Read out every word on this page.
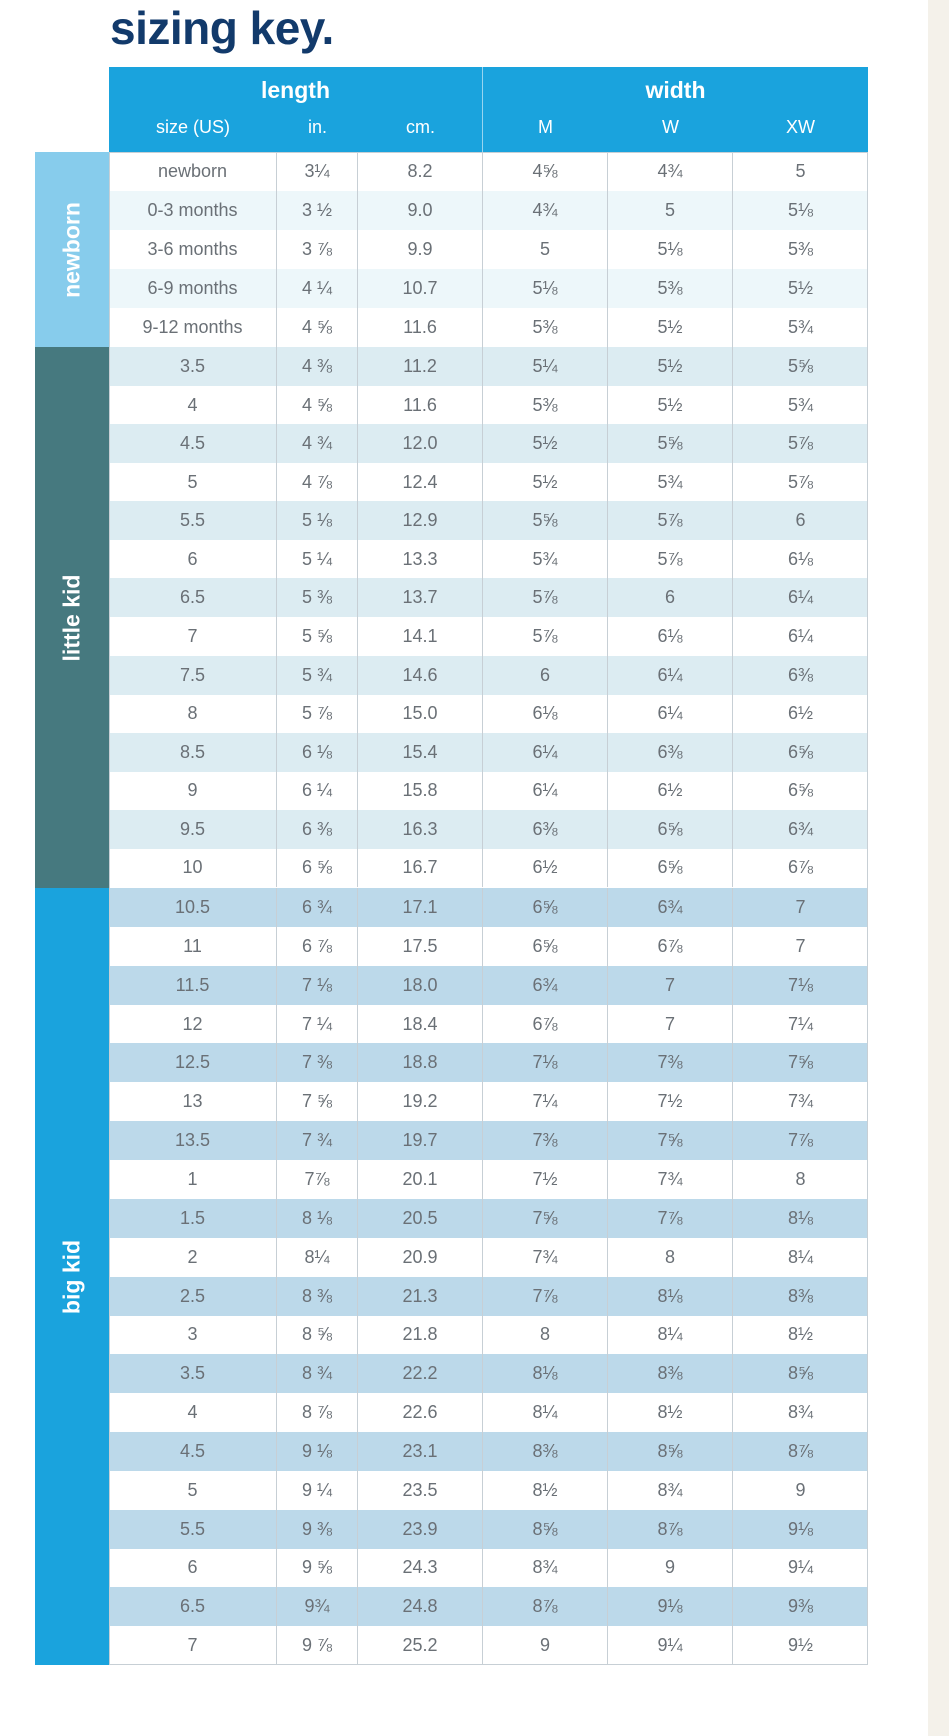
sizing key.
length	width
size (US)	in.	cm.	M	W	XW
newborn
little kid
big kid
newborn	3¼	8.2	4⅝	4¾	5
0-3 months	3 ½	9.0	4¾	5	5⅛
3-6 months	3 ⅞	9.9	5	5⅛	5⅜
6-9 months	4 ¼	10.7	5⅛	5⅜	5½
9-12 months	4 ⅝	11.6	5⅜	5½	5¾
3.5	4 ⅜	11.2	5¼	5½	5⅝
4	4 ⅝	11.6	5⅜	5½	5¾
4.5	4 ¾	12.0	5½	5⅝	5⅞
5	4 ⅞	12.4	5½	5¾	5⅞
5.5	5 ⅛	12.9	5⅝	5⅞	6
6	5 ¼	13.3	5¾	5⅞	6⅛
6.5	5 ⅜	13.7	5⅞	6	6¼
7	5 ⅝	14.1	5⅞	6⅛	6¼
7.5	5 ¾	14.6	6	6¼	6⅜
8	5 ⅞	15.0	6⅛	6¼	6½
8.5	6 ⅛	15.4	6¼	6⅜	6⅝
9	6 ¼	15.8	6¼	6½	6⅝
9.5	6 ⅜	16.3	6⅜	6⅝	6¾
10	6 ⅝	16.7	6½	6⅝	6⅞
10.5	6 ¾	17.1	6⅝	6¾	7
11	6 ⅞	17.5	6⅝	6⅞	7
11.5	7 ⅛	18.0	6¾	7	7⅛
12	7 ¼	18.4	6⅞	7	7¼
12.5	7 ⅜	18.8	7⅛	7⅜	7⅝
13	7 ⅝	19.2	7¼	7½	7¾
13.5	7 ¾	19.7	7⅜	7⅝	7⅞
1	7⅞	20.1	7½	7¾	8
1.5	8 ⅛	20.5	7⅝	7⅞	8⅛
2	8¼	20.9	7¾	8	8¼
2.5	8 ⅜	21.3	7⅞	8⅛	8⅜
3	8 ⅝	21.8	8	8¼	8½
3.5	8 ¾	22.2	8⅛	8⅜	8⅝
4	8 ⅞	22.6	8¼	8½	8¾
4.5	9 ⅛	23.1	8⅜	8⅝	8⅞
5	9 ¼	23.5	8½	8¾	9
5.5	9 ⅜	23.9	8⅝	8⅞	9⅛
6	9 ⅝	24.3	8¾	9	9¼
6.5	9¾	24.8	8⅞	9⅛	9⅜
7	9 ⅞	25.2	9	9¼	9½
